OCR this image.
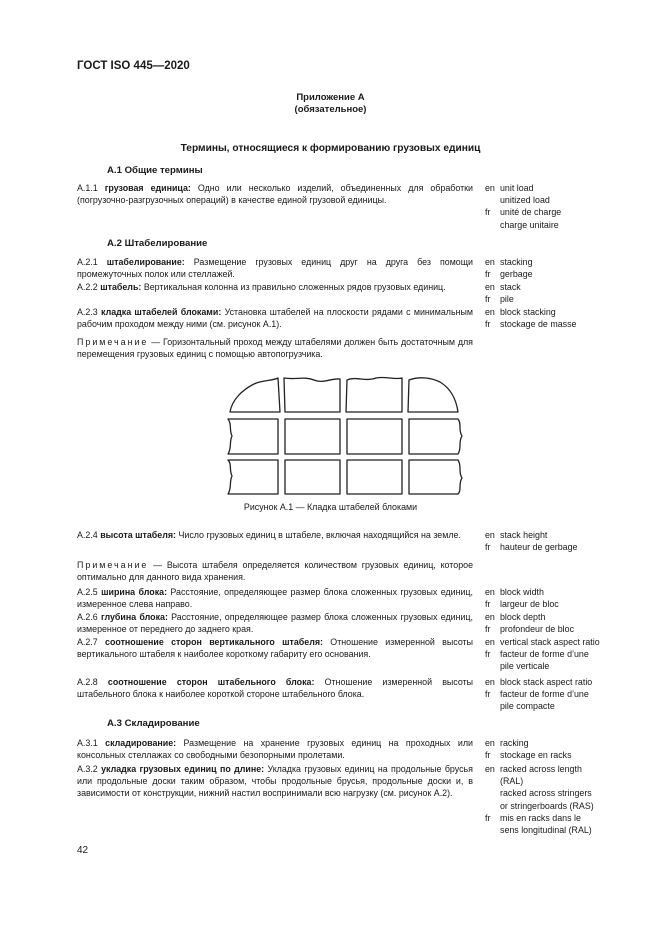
ГОСТ ISO 445—2020
Приложение А
(обязательное)
Термины, относящиеся к формированию грузовых единиц
А.1 Общие термины
А.1.1 грузовая единица: Одно или несколько изделий, объединенных для обработки (погрузочно-разгрузочных операций) в качестве единой грузовой единицы.
en unit load
unitized load
fr	unité de charge
charge unitaire
А.2 Штабелирование
А.2.1 штабелирование: Размещение грузовых единиц друг на друга без помощи промежуточных полок или стеллажей.
en stacking
fr	gerbage
А.2.2 штабель: Вертикальная колонна из правильно сложенных рядов грузовых единиц.	en stack
fr	pile
А.2.3 кладка штабелей блоками: Установка штабелей на плоскости рядами с минимальным рабочим проходом между ними (см. рисунок А.1).
en block stacking
fr	stockage de masse
Примечание — Горизонтальный проход между штабелями должен быть достаточным для перемещения грузовых единиц с помощью автопогрузчика.
Рисунок А.1 — Кладка штабелей блоками
А.2.4 высота штабеля: Число грузовых единиц в штабеле, включая находящийся на земле.	en stack height
fr	hauteur de gerbage
Примечание — Высота штабеля определяется количеством грузовых единиц, которое оптимально для данного вида хранения.
А.2.5 ширина блока: Расстояние, определяющее размер блока сложенных грузовых единиц, измеренное слева направо.
en block width
fr	largeur de bloc
А.2.6 глубина блока: Расстояние, определяющее размер блока сложенных грузовых единиц, измеренное от переднего до заднего края.
en block depth
fr	profondeur de bloc
А.2.7 соотношение сторон вертикального штабеля: Отношение измеренной высоты вертикального штабеля к наиболее короткому габариту его основания.
en vertical stack aspect ratio
fr	facteur de forme d’une
pile verticale
А.2.8 соотношение сторон штабельного блока: Отношение измеренной высоты штабельного блока к наиболее короткой стороне штабельного блока.
en block stack aspect ratio
fr	facteur de forme d’une
pile compacte
А.3 Складирование
А.3.1 складирование: Размещение на хранение грузовых единиц на проходных или консольных стеллажах со свободными безопорными пролетами.
en racking
fr	stockage en racks
А.3.2 укладка грузовых единиц по длине: Укладка грузовых единиц на продольные брусья или продольные доски таким образом, чтобы продольные брусья, продольные доски и, в зависимости от конструкции, нижний настил воспринимали всю нагрузку (см. рисунок А.2).
en racked across length
(RAL)
racked across stringers
or stringerboards (RAS)
fr	mis en racks dans le
sens longitudinal (RAL)
42
